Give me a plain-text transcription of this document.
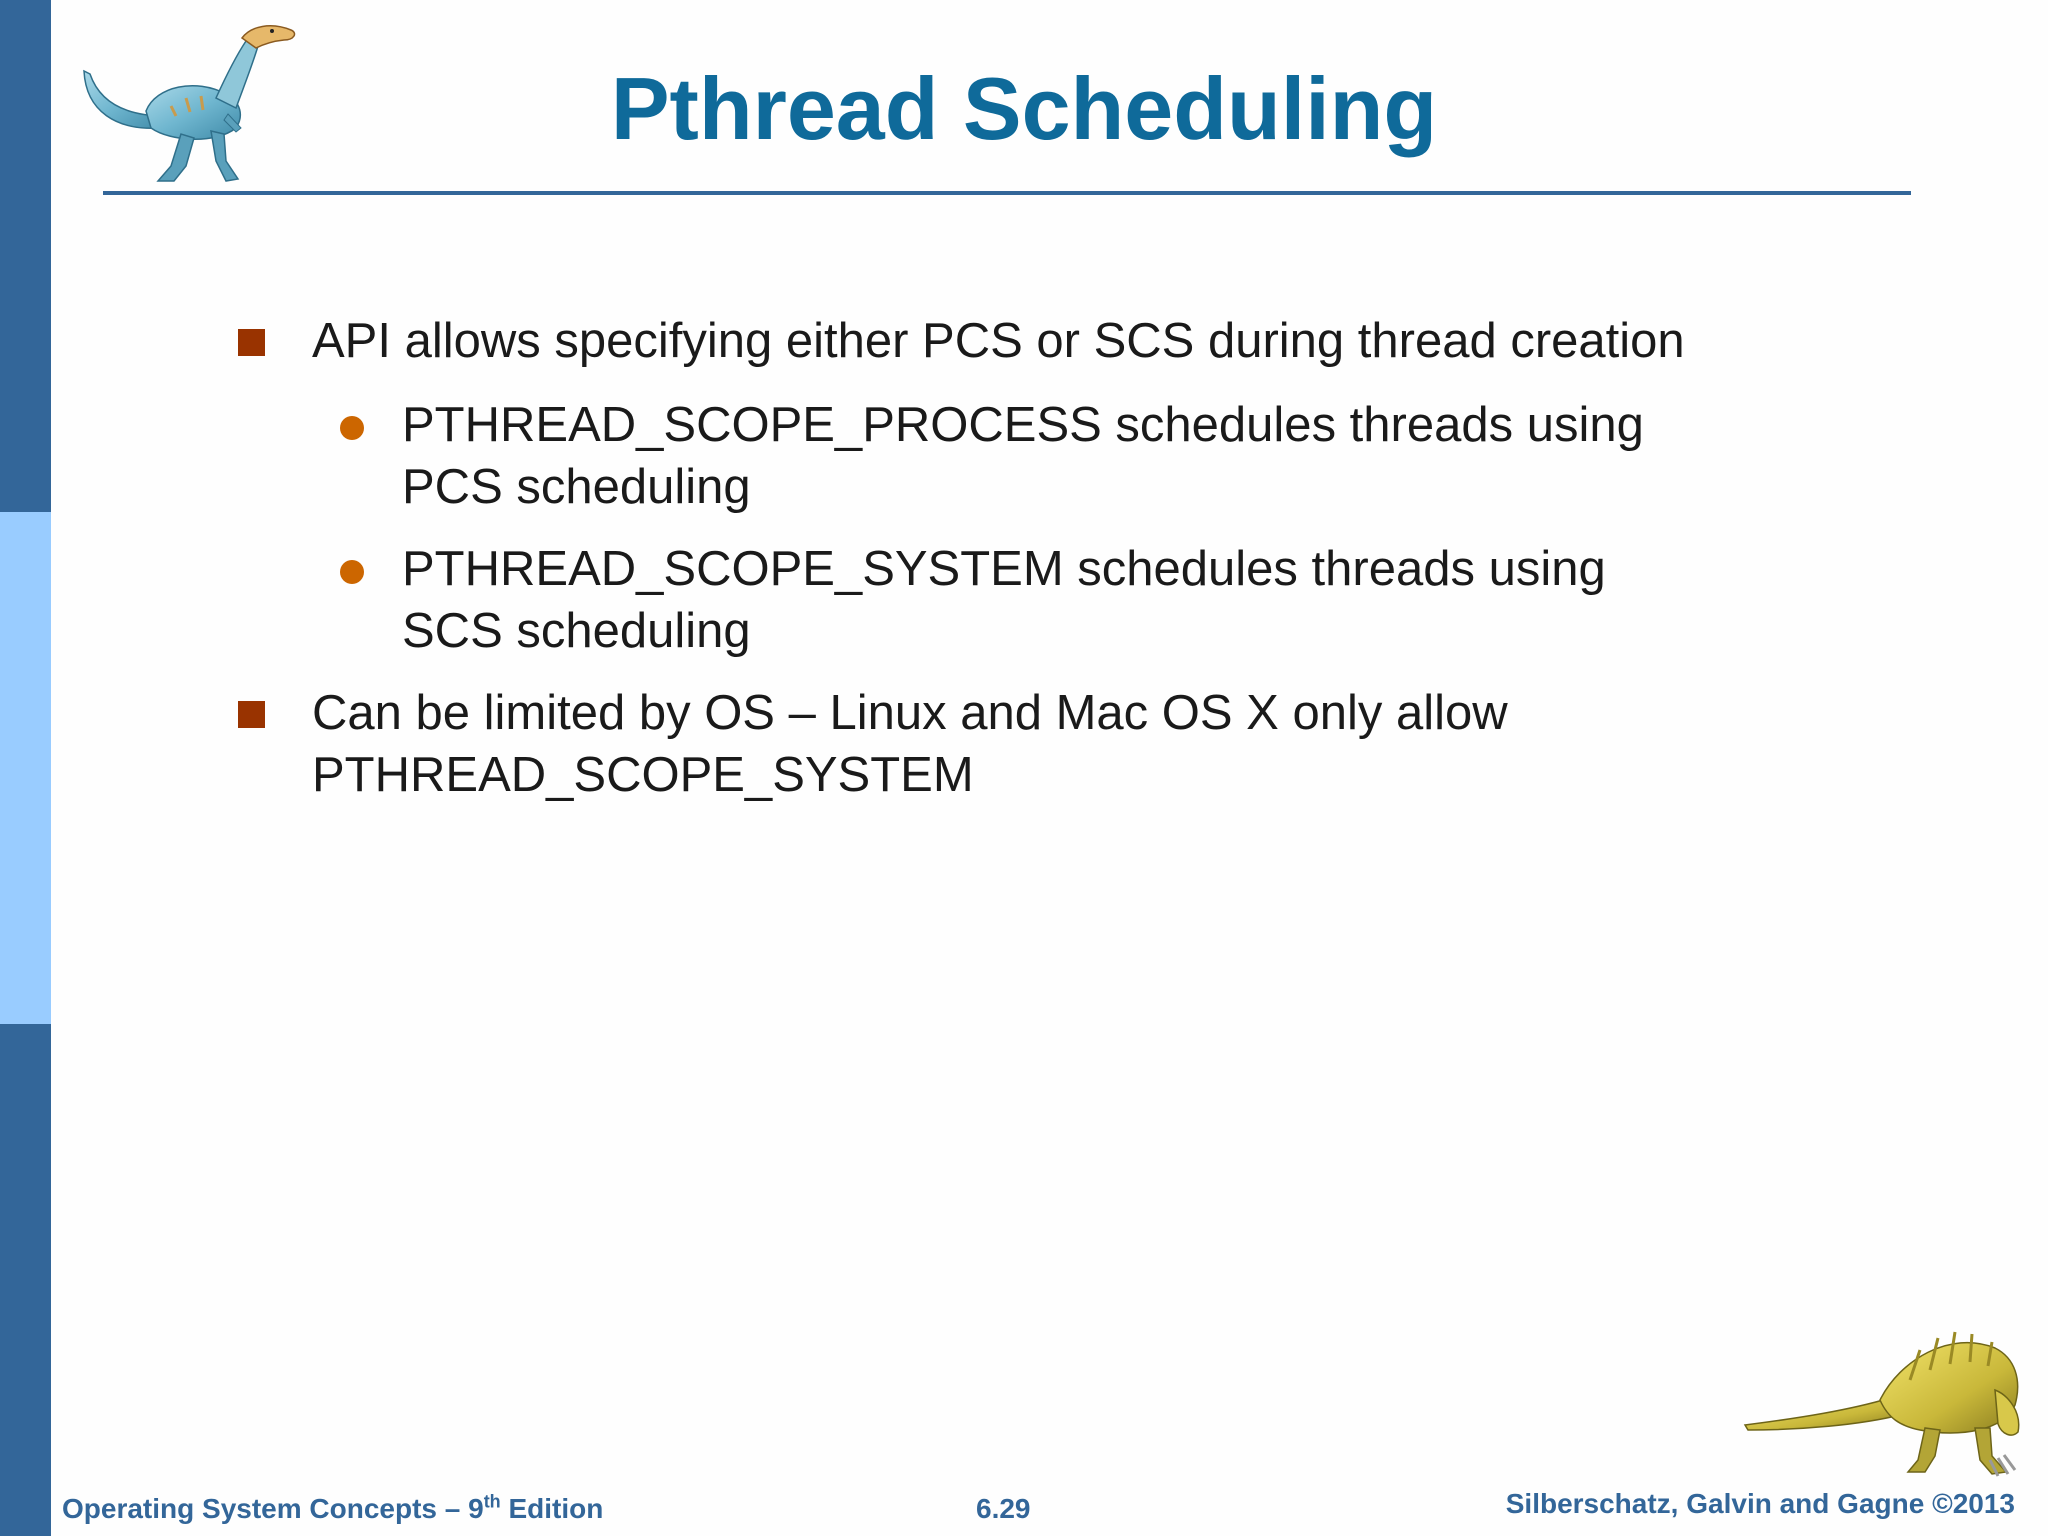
Pthread Scheduling
API allows specifying either PCS or SCS during thread creation
PTHREAD_SCOPE_PROCESS schedules threads using
PCS scheduling
PTHREAD_SCOPE_SYSTEM schedules threads using
SCS scheduling
Can be limited by OS – Linux and Mac OS X only allow
PTHREAD_SCOPE_SYSTEM
Operating System Concepts – 9th Edition	6.29	Silberschatz, Galvin and Gagne ©2013
